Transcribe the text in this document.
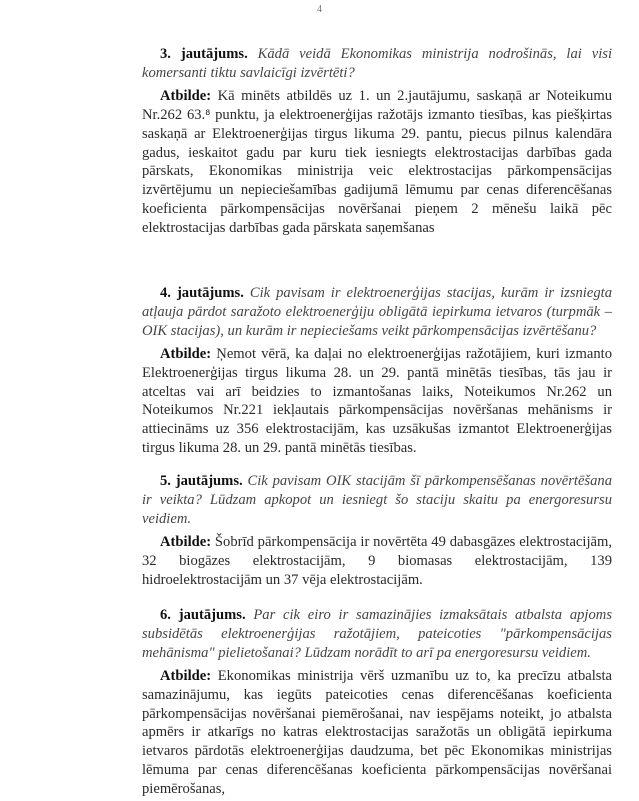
4

3. jautājums. Kādā veidā Ekonomikas ministrija nodrošinās, lai visi komersanti tiktu savlaicīgi izvērtēti?

Atbilde: Kā minēts atbildēs uz 1. un 2.jautājumu, saskaņā ar Noteikumu Nr.262 63.⁸ punktu, ja elektroenerģijas ražotājs izmanto tiesības, kas piešķirtas saskaņā ar Elektroenerģijas tirgus likuma 29. pantu, piecus pilnus kalendāra gadus, ieskaitot gadu par kuru tiek iesniegts elektrostacijas darbības gada pārskats, Ekonomikas ministrija veic elektrostacijas pārkompensācijas izvērtējumu un nepieciešamības gadijumā lēmumu par cenas diferencēšanas koeficienta pārkompensācijas novēršanai pieņem 2 mēnešu laikā pēc elektrostacijas darbības gada pārskata saņemšanas

4. jautājums. Cik pavisam ir elektroenerģijas stacijas, kurām ir izsniegta atļauja pārdot saražoto elektroenerģiju obligātā iepirkuma ietvaros (turpmāk – OIK stacijas), un kurām ir nepieciešams veikt pārkompensācijas izvērtēšanu?

Atbilde: Ņemot vērā, ka daļai no elektroenerģijas ražotājiem, kuri izmanto Elektroenerģijas tirgus likuma 28. un 29. pantā minētās tiesības, tās jau ir atceltas vai arī beidzies to izmantošanas laiks, Noteikumos Nr.262 un Noteikumos Nr.221 iekļautais pārkompensācijas novēršanas mehānisms ir attiecināms uz 356 elektrostacijām, kas uzsākušas izmantot Elektroenerģijas tirgus likuma 28. un 29. pantā minētās tiesības.

5. jautājums. Cik pavisam OIK stacijām šī pārkompensēšanas novērtēšana ir veikta? Lūdzam apkopot un iesniegt šo staciju skaitu pa energoresursu veidiem.

Atbilde: Šobrīd pārkompensācija ir novērtēta 49 dabasgāzes elektrostacijām, 32 biogāzes elektrostacijām, 9 biomasas elektrostacijām, 139 hidroelektrostacijām un 37 vēja elektrostacijām.

6. jautājums. Par cik eiro ir samazinājies izmaksātais atbalsta apjoms subsidētās elektroenerģijas ražotājiem, pateicoties "pārkompensācijas mehānisma" pielietošanai? Lūdzam norādīt to arī pa energoresursu veidiem.

Atbilde: Ekonomikas ministrija vērš uzmanību uz to, ka precīzu atbalsta samazinājumu, kas iegūts pateicoties cenas diferencēšanas koeficienta pārkompensācijas novēršanai piemērošanai, nav iespējams noteikt, jo atbalsta apmērs ir atkarīgs no katras elektrostacijas saražotās un obligātā iepirkuma ietvaros pārdotās elektroenerģijas daudzuma, bet pēc Ekonomikas ministrijas lēmuma par cenas diferencēšanas koeficienta pārkompensācijas novēršanai piemērošanas,
